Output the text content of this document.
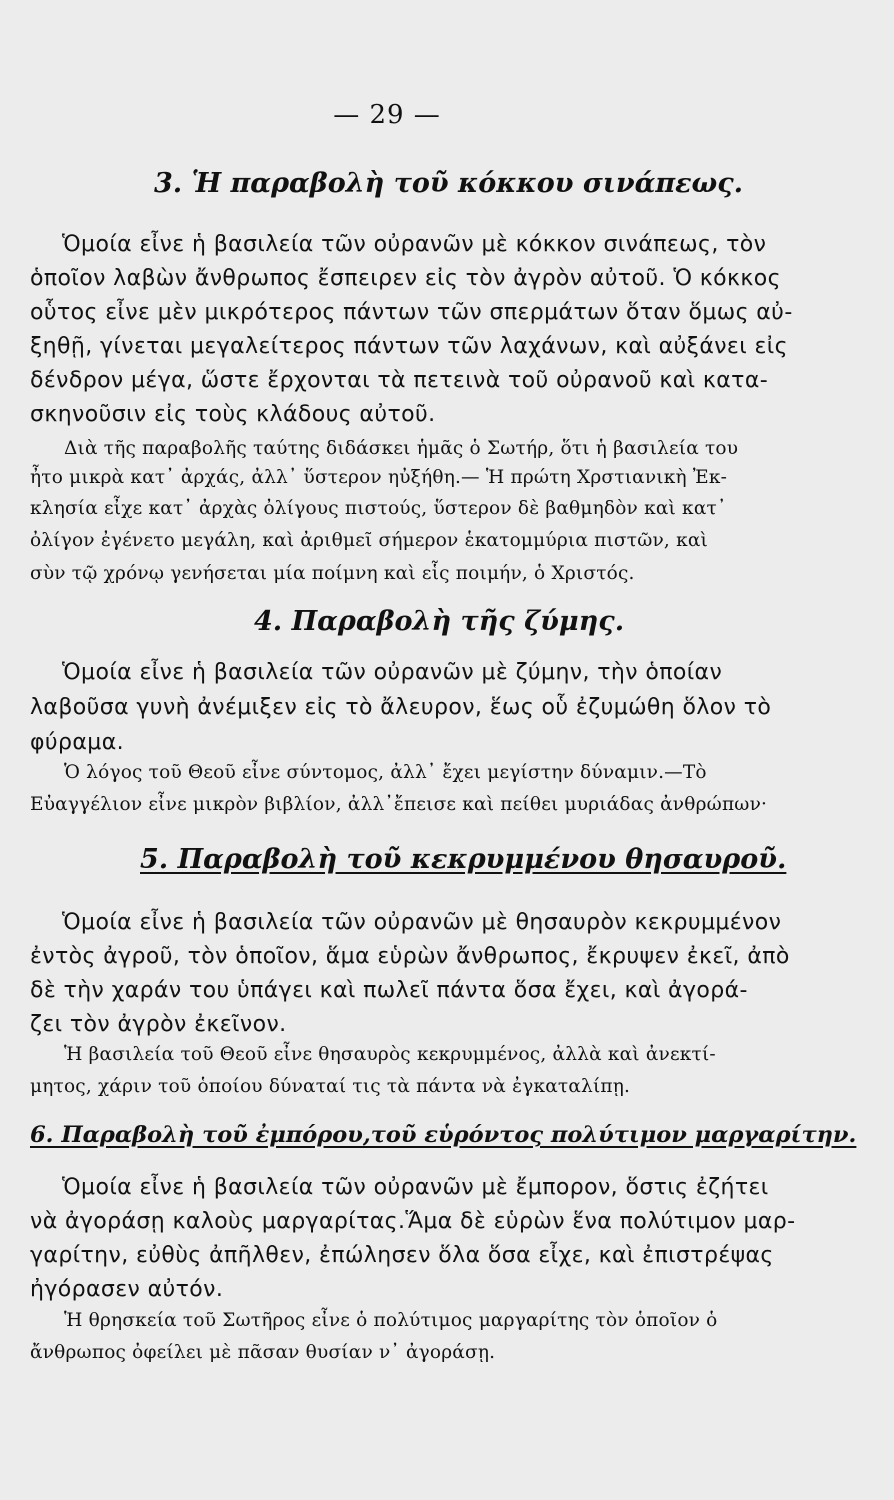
— 29 —
3. Ἡ παραβολὴ τοῦ κόκκου σινάπεως.
Ὁμοία εἶνε ἡ βασιλεία τῶν οὐρανῶν μὲ κόκκον σινάπεως, τὸν
ὁποῖον λαβὼν ἄνθρωπος ἔσπειρεν εἰς τὸν ἀγρὸν αὐτοῦ. Ὁ κόκκος
οὗτος εἶνε μὲν μικρότερος πάντων τῶν σπερμάτων ὅταν ὅμως αὐ-
ξηθῇ, γίνεται μεγαλείτερος πάντων τῶν λαχάνων, καὶ αὐξάνει εἰς
δένδρον μέγα, ὥστε ἔρχονται τὰ πετεινὰ τοῦ οὐρανοῦ καὶ κατα-
σκηνοῦσιν εἰς τοὺς κλάδους αὐτοῦ.
Διὰ τῆς παραβολῆς ταύτης διδάσκει ἡμᾶς ὁ Σωτήρ, ὅτι ἡ βασιλεία του
ἦτο μικρὰ κατ᾽ ἀρχάς, ἀλλ᾽ ὕστερον ηὐξήθη.— Ἡ πρώτη Χρστιανικὴ Ἐκ-
κλησία εἶχε κατ᾽ ἀρχὰς ὀλίγους πιστούς, ὕστερον δὲ βαθμηδὸν καὶ κατ᾽
ὀλίγον ἐγένετο μεγάλη, καὶ ἀριθμεῖ σήμερον ἑκατομμύρια πιστῶν, καὶ
σὺν τῷ χρόνῳ γενήσεται μία ποίμνη καὶ εἷς ποιμήν, ὁ Χριστός.
4. Παραβολὴ τῆς ζύμης.
Ὁμοία εἶνε ἡ βασιλεία τῶν οὐρανῶν μὲ ζύμην, τὴν ὁποίαν
λαβοῦσα γυνὴ ἀνέμιξεν εἰς τὸ ἄλευρον, ἕως οὗ ἐζυμώθη ὅλον τὸ
φύραμα.
Ὁ λόγος τοῦ Θεοῦ εἶνε σύντομος, ἀλλ᾽ ἔχει μεγίστην δύναμιν.—Τὸ
Εὐαγγέλιον εἶνε μικρὸν βιβλίον, ἀλλ᾽ἔπεισε καὶ πείθει μυριάδας ἀνθρώπων·
5. Παραβολὴ τοῦ κεκρυμμένου θησαυροῦ.
Ὁμοία εἶνε ἡ βασιλεία τῶν οὐρανῶν μὲ θησαυρὸν κεκρυμμένον
ἐντὸς ἀγροῦ, τὸν ὁποῖον, ἅμα εὑρὼν ἄνθρωπος, ἔκρυψεν ἐκεῖ, ἀπὸ
δὲ τὴν χαράν του ὑπάγει καὶ πωλεῖ πάντα ὅσα ἔχει, καὶ ἀγορά-
ζει τὸν ἀγρὸν ἐκεῖνον.
Ἡ βασιλεία τοῦ Θεοῦ εἶνε θησαυρὸς κεκρυμμένος, ἀλλὰ καὶ ἀνεκτί-
μητος, χάριν τοῦ ὁποίου δύναταί τις τὰ πάντα νὰ ἐγκαταλίπῃ.
6. Παραβολὴ τοῦ ἐμπόρου,τοῦ εὑρόντος πολύτιμον μαργαρίτην.
Ὁμοία εἶνε ἡ βασιλεία τῶν οὐρανῶν μὲ ἔμπορον, ὅστις ἐζήτει
νὰ ἀγοράσῃ καλοὺς μαργαρίτας.Ἅμα δὲ εὑρὼν ἕνα πολύτιμον μαρ-
γαρίτην, εὐθὺς ἀπῆλθεν, ἐπώλησεν ὅλα ὅσα εἶχε, καὶ ἐπιστρέψας
ἠγόρασεν αὐτόν.
Ἡ θρησκεία τοῦ Σωτῆρος εἶνε ὁ πολύτιμος μαργαρίτης τὸν ὁποῖον ὁ
ἄνθρωπος ὀφείλει μὲ πᾶσαν θυσίαν ν᾽ ἀγοράσῃ.
